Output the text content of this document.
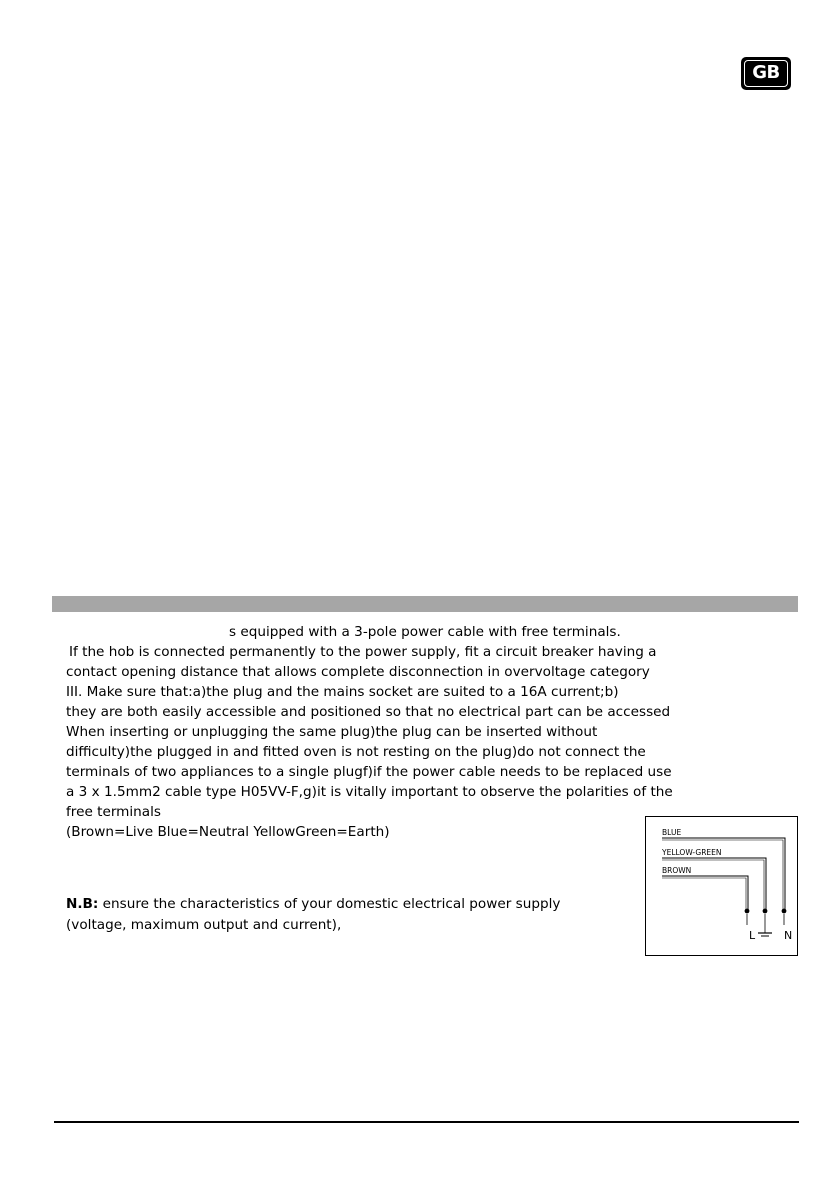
GB
s equipped with a 3-pole power cable with free terminals.
If the hob is connected permanently to the power supply, fit a circuit breaker having a
contact opening distance that allows complete disconnection in overvoltage category
III. Make sure that:a)the plug and the mains socket are suited to a 16A current;b)
they are both easily accessible and positioned so that no electrical part can be accessed
When inserting or unplugging the same plug)the plug can be inserted without
difficulty)the plugged in and fitted oven is not resting on the plug)do not connect the
terminals of two appliances to a single plugf)if the power cable needs to be replaced use
a 3 x 1.5mm2 cable type H05VV-F,g)it is vitally important to observe the polarities of the
free terminals
(Brown=Live Blue=Neutral YellowGreen=Earth)
N.B: ensure the characteristics of your domestic electrical power supply
(voltage, maximum output and current),
BLUE
YELLOW-GREEN
BROWN
L	N
